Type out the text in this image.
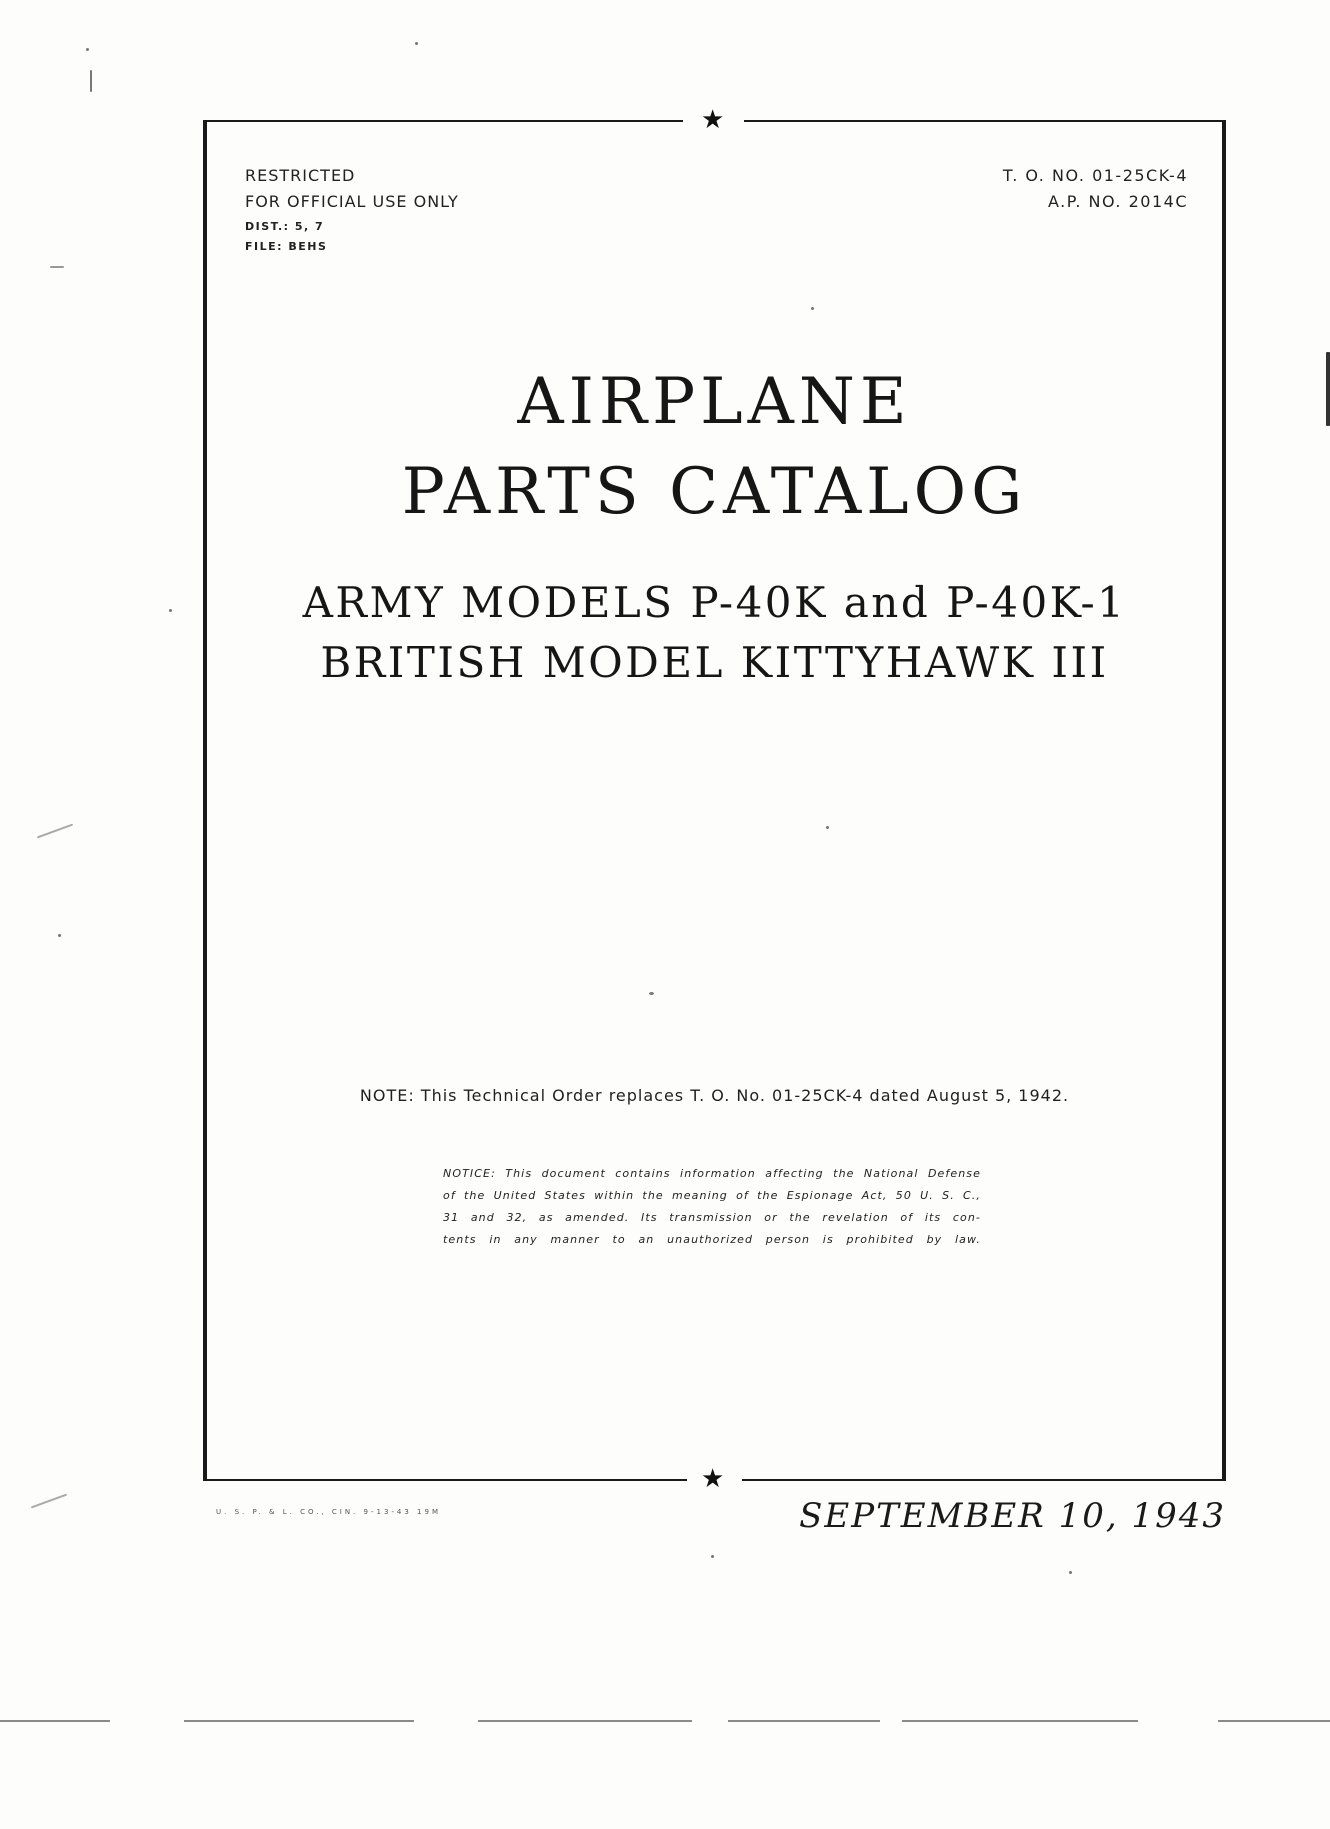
★
★
RESTRICTED
FOR OFFICIAL USE ONLY
DIST.: 5, 7
FILE: BEHS
T. O. NO. 01-25CK-4
A.P. NO. 2014C
AIRPLANE
PARTS CATALOG
ARMY MODELS P-40K and P-40K-1
BRITISH MODEL KITTYHAWK III
NOTE: This Technical Order replaces T. O. No. 01-25CK-4 dated August 5, 1942.
NOTICE: This document contains information affecting the National Defense
of the United States within the meaning of the Espionage Act, 50 U. S. C.,
31 and 32, as amended. Its transmission or the revelation of its con-
tents in any manner to an unauthorized person is prohibited by law.
U. S. P. & L. CO., CIN. 9-13-43 19M	SEPTEMBER 10, 1943
